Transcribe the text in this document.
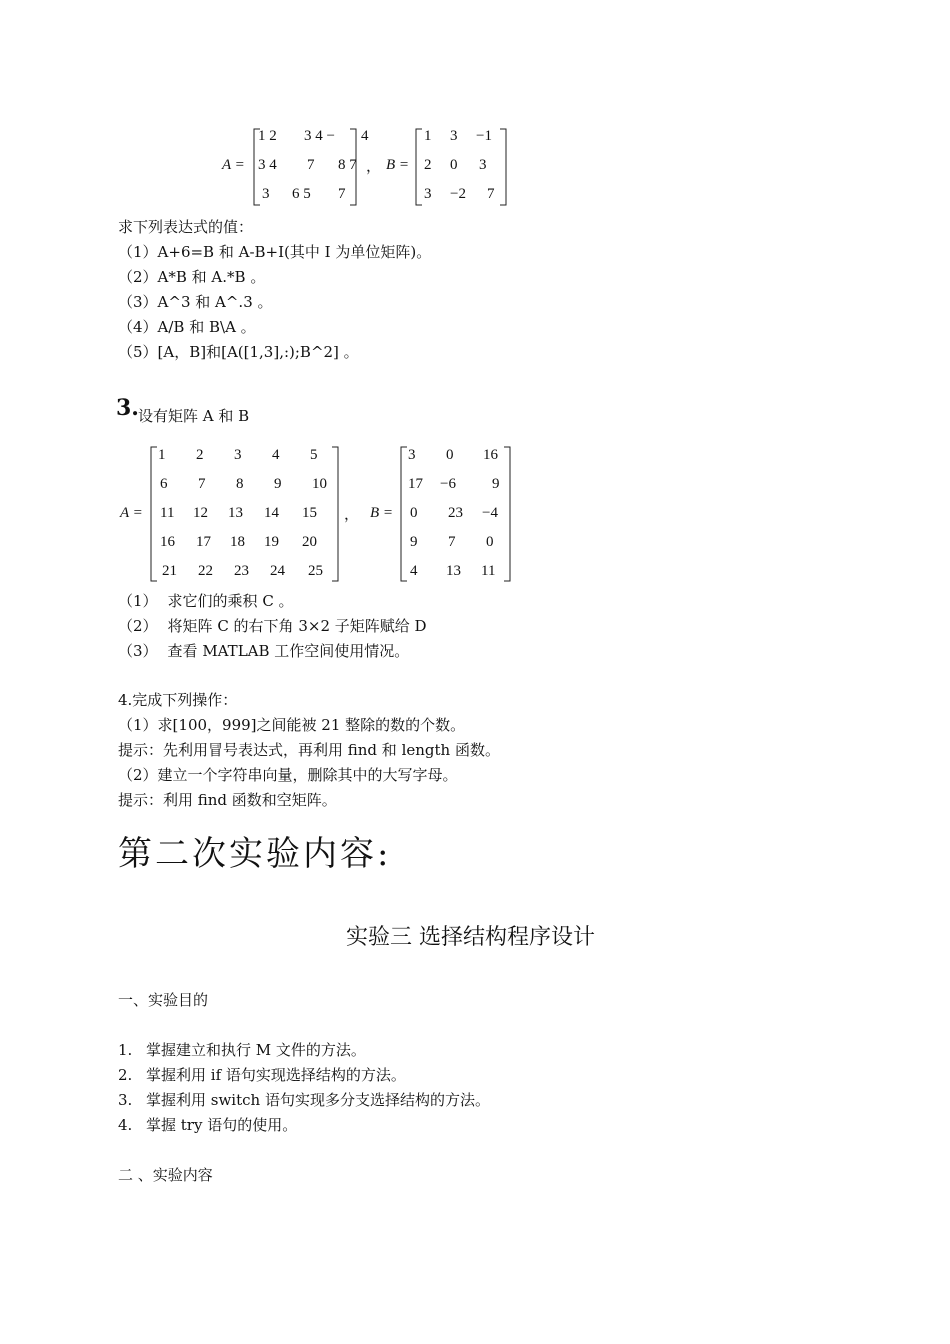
A =
1 2 3 4 − 4
3 4 7 8 7
3 6 5 7
， B =
1 3 −1
2 0 3
3 −2 7
求下列表达式的值：
（1）A+6=B 和 A-B+I(其中 I 为单位矩阵)。
（2）A*B 和 A.*B 。
（3）A^3 和 A^.3 。
（4）A/B 和 B\A 。
（5）[A，B]和[A([1,3],:);B^2] 。
3. 设有矩阵 A 和 B
A =
1 2 3 4 5
6 7 8 9 10
11 12 13 14 15
16 17 18 19 20
21 22 23 24 25
， B =
3 0 16
17 −6 9
0 23 −4
9 7 0
4 13 11
（1） 求它们的乘积 C 。
（2） 将矩阵 C 的右下角 3×2 子矩阵赋给 D
（3） 查看 MATLAB 工作空间使用情况。
4.完成下列操作：
（1）求[100，999]之间能被 21 整除的数的个数。
提示：先利用冒号表达式，再利用 find 和 length 函数。
（2）建立一个字符串向量，删除其中的大写字母。
提示：利用 find 函数和空矩阵。
第二次实验内容:
实验三 选择结构程序设计
一、实验目的
1. 掌握建立和执行 M 文件的方法。
2. 掌握利用 if 语句实现选择结构的方法。
3. 掌握利用 switch 语句实现多分支选择结构的方法。
4. 掌握 try 语句的使用。
二 、实验内容
